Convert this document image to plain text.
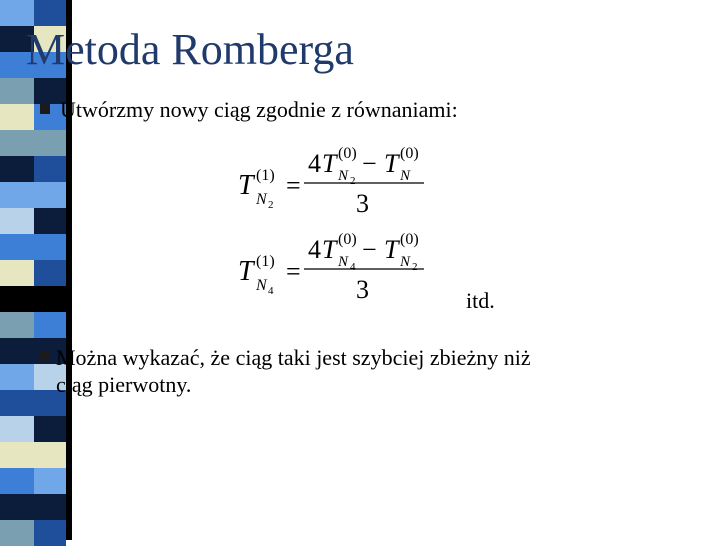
Metoda Romberga
Utwórzmy nowy ciąg zgodnie z równaniami:
T (1)
N 2
=
4 T (0)
N 2
− T (0)
N
3
T (1)
N 4
=
4 T (0)
N 4
− T (0)
N 2
3	itd.
Można wykazać, że ciąg taki jest szybciej zbieżny niż
ciąg pierwotny.
